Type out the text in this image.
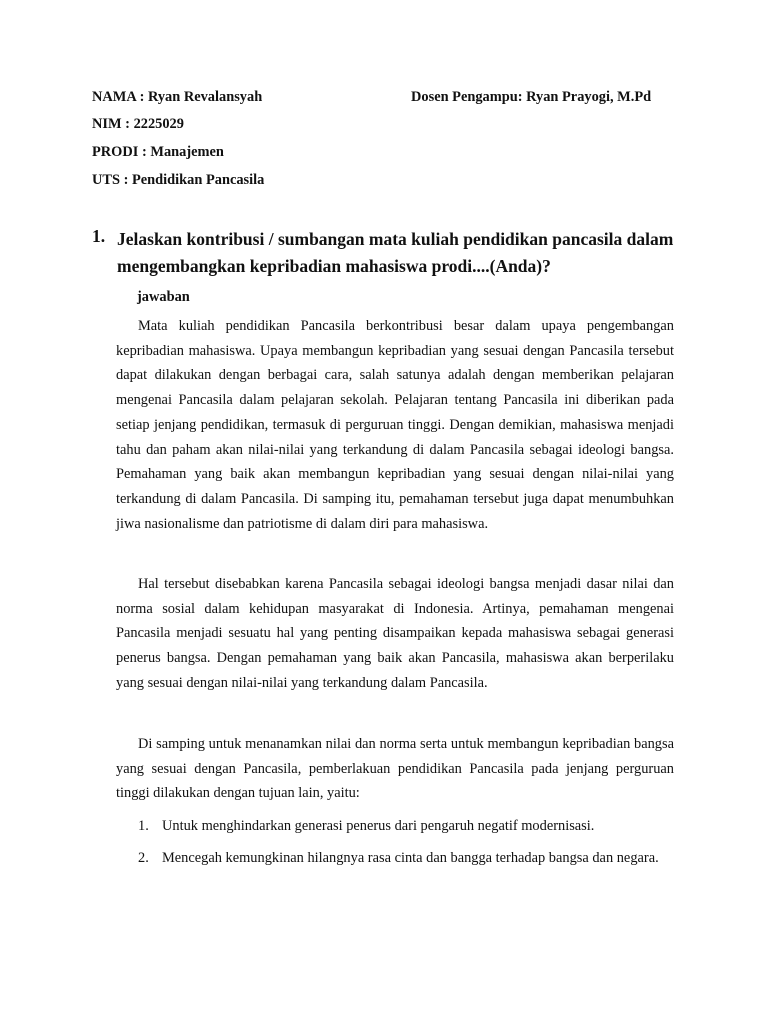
NAMA : Ryan Revalansyah	Dosen Pengampu: Ryan Prayogi, M.Pd
NIM : 2225029
PRODI : Manajemen
UTS : Pendidikan Pancasila
1. Jelaskan kontribusi / sumbangan mata kuliah pendidikan pancasila dalam mengembangkan kepribadian mahasiswa prodi....(Anda)?
jawaban

Mata kuliah pendidikan Pancasila berkontribusi besar dalam upaya pengembangan kepribadian mahasiswa. Upaya membangun kepribadian yang sesuai dengan Pancasila tersebut dapat dilakukan dengan berbagai cara, salah satunya adalah dengan memberikan pelajaran mengenai Pancasila dalam pelajaran sekolah. Pelajaran tentang Pancasila ini diberikan pada setiap jenjang pendidikan, termasuk di perguruan tinggi. Dengan demikian, mahasiswa menjadi tahu dan paham akan nilai-nilai yang terkandung di dalam Pancasila sebagai ideologi bangsa. Pemahaman yang baik akan membangun kepribadian yang sesuai dengan nilai-nilai yang terkandung di dalam Pancasila. Di samping itu, pemahaman tersebut juga dapat menumbuhkan jiwa nasionalisme dan patriotisme di dalam diri para mahasiswa.

Hal tersebut disebabkan karena Pancasila sebagai ideologi bangsa menjadi dasar nilai dan norma sosial dalam kehidupan masyarakat di Indonesia. Artinya, pemahaman mengenai Pancasila menjadi sesuatu hal yang penting disampaikan kepada mahasiswa sebagai generasi penerus bangsa. Dengan pemahaman yang baik akan Pancasila, mahasiswa akan berperilaku yang sesuai dengan nilai-nilai yang terkandung dalam Pancasila.

Di samping untuk menanamkan nilai dan norma serta untuk membangun kepribadian bangsa yang sesuai dengan Pancasila, pemberlakuan pendidikan Pancasila pada jenjang perguruan tinggi dilakukan dengan tujuan lain, yaitu:

1. Untuk menghindarkan generasi penerus dari pengaruh negatif modernisasi.
2. Mencegah kemungkinan hilangnya rasa cinta dan bangga terhadap bangsa dan negara.
